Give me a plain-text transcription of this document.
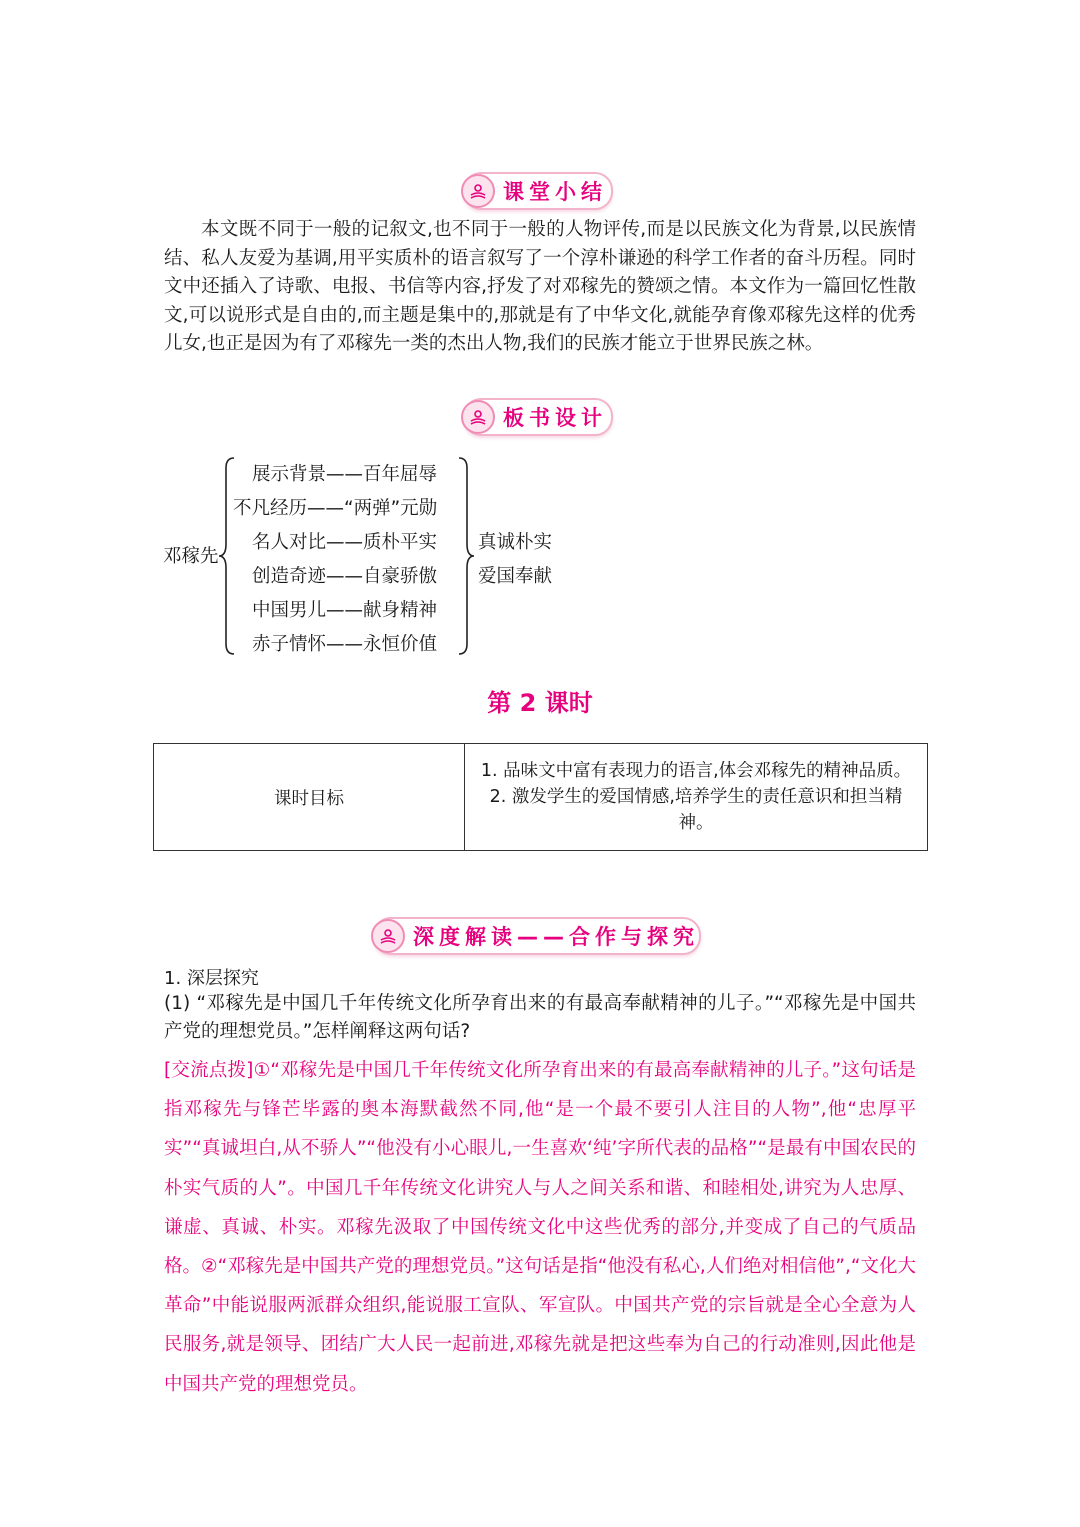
课堂小结

本文既不同于一般的记叙文,也不同于一般的人物评传,而是以民族文化为背景,以民族情结、私人友爱为基调,用平实质朴的语言叙写了一个淳朴谦逊的科学工作者的奋斗历程。同时文中还插入了诗歌、电报、书信等内容,抒发了对邓稼先的赞颂之情。本文作为一篇回忆性散文,可以说形式是自由的,而主题是集中的,那就是有了中华文化,就能孕育像邓稼先这样的优秀儿女,也正是因为有了邓稼先一类的杰出人物,我们的民族才能立于世界民族之林。

板书设计
邓稼先
展示背景——百年屈辱
不凡经历——“两弹”元勋
名人对比——质朴平实
创造奇迹——自豪骄傲
中国男儿——献身精神
赤子情怀——永恒价值
真诚朴实
爱国奉献
第 2 课时
课时目标	
1. 品味文中富有表现力的语言,体会邓稼先的精神品质。
2. 激发学生的爱国情感,培养学生的责任意识和担当精神。
深度解读——合作与探究
1. 深层探究

(1) “邓稼先是中国几千年传统文化所孕育出来的有最高奉献精神的儿子。”“邓稼先是中国共产党的理想党员。”怎样阐释这两句话?

[交流点拨]①“邓稼先是中国几千年传统文化所孕育出来的有最高奉献精神的儿子。”这句话是指邓稼先与锋芒毕露的奥本海默截然不同,他“是一个最不要引人注目的人物”,他“忠厚平实”“真诚坦白,从不骄人”“他没有小心眼儿,一生喜欢‘纯’字所代表的品格”“是最有中国农民的朴实气质的人”。中国几千年传统文化讲究人与人之间关系和谐、和睦相处,讲究为人忠厚、谦虚、真诚、朴实。邓稼先汲取了中国传统文化中这些优秀的部分,并变成了自己的气质品格。②“邓稼先是中国共产党的理想党员。”这句话是指“他没有私心,人们绝对相信他”,“文化大革命”中能说服两派群众组织,能说服工宣队、军宣队。中国共产党的宗旨就是全心全意为人民服务,就是领导、团结广大人民一起前进,邓稼先就是把这些奉为自己的行动准则,因此他是中国共产党的理想党员。
